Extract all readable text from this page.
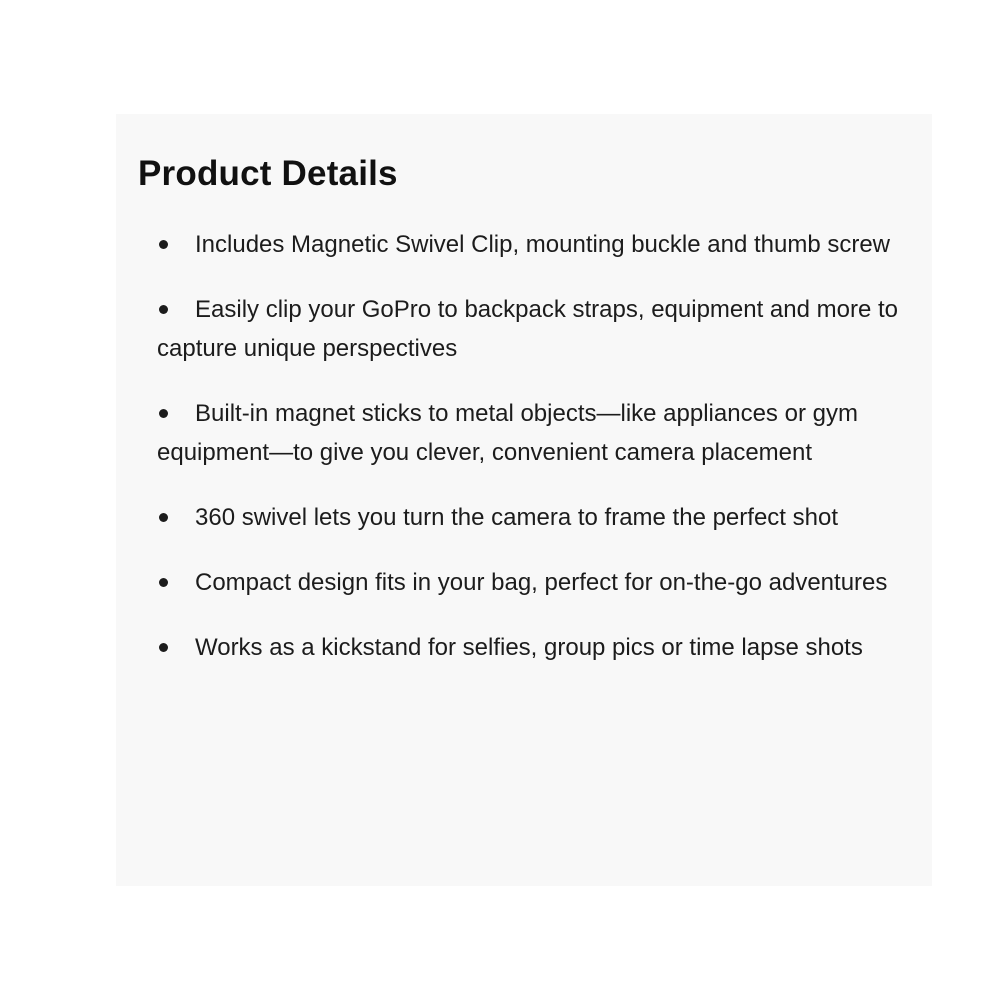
Product Details
Includes Magnetic Swivel Clip, mounting buckle and thumb screw
Easily clip your GoPro to backpack straps, equipment and more to capture unique perspectives
Built-in magnet sticks to metal objects—like appliances or gym equipment—to give you clever, convenient camera placement
360 swivel lets you turn the camera to frame the perfect shot
Compact design fits in your bag, perfect for on-the-go adventures
Works as a kickstand for selfies, group pics or time lapse shots
